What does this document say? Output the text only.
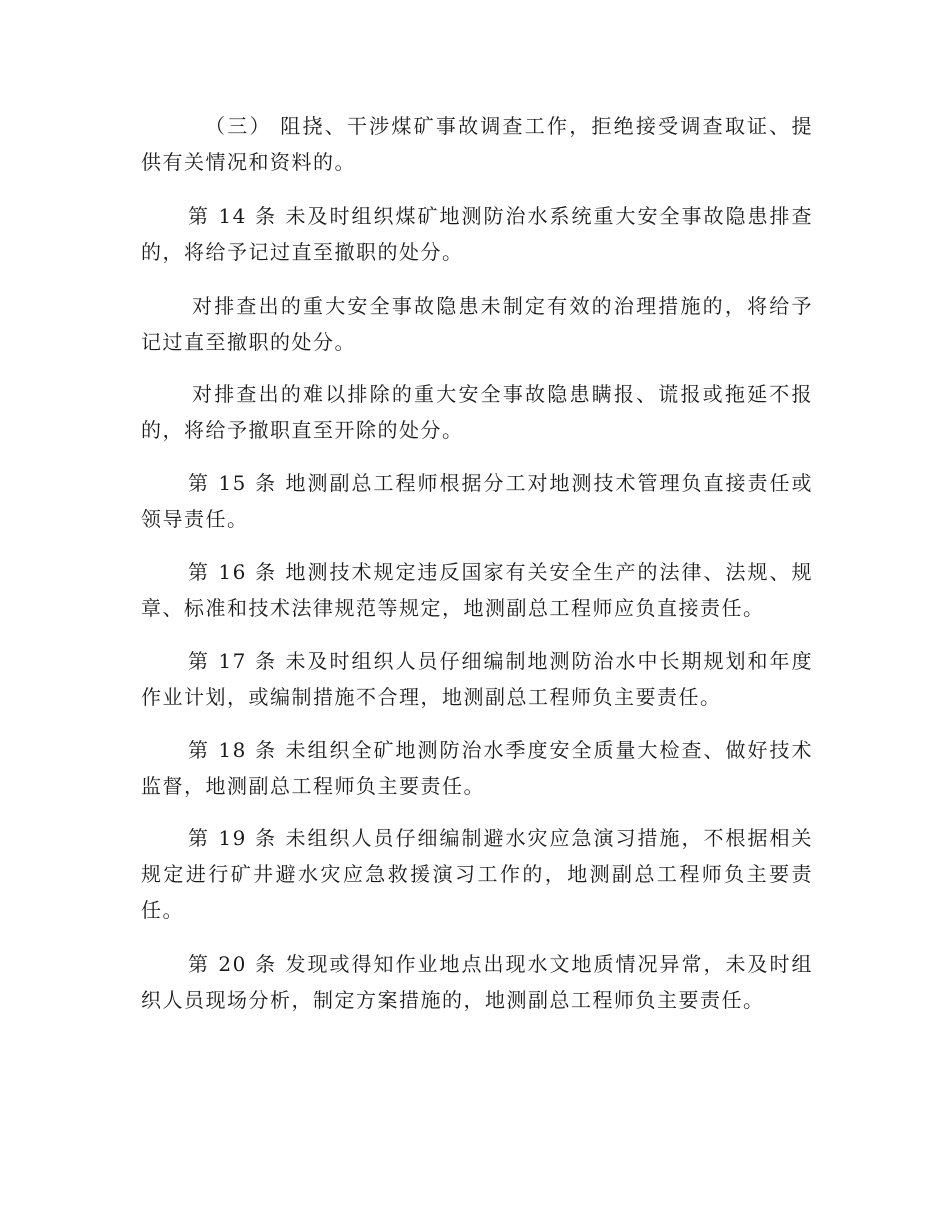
（三） 阻挠、干涉煤矿事故调查工作，拒绝接受调查取证、提供有关情况和资料的。

第 14 条 未及时组织煤矿地测防治水系统重大安全事故隐患排查的，将给予记过直至撤职的处分。

对排查出的重大安全事故隐患未制定有效的治理措施的，将给予记过直至撤职的处分。

对排查出的难以排除的重大安全事故隐患瞒报、谎报或拖延不报的，将给予撤职直至开除的处分。

第 15 条 地测副总工程师根据分工对地测技术管理负直接责任或领导责任。

第 16 条 地测技术规定违反国家有关安全生产的法律、法规、规章、标准和技术法律规范等规定，地测副总工程师应负直接责任。

第 17 条 未及时组织人员仔细编制地测防治水中长期规划和年度作业计划，或编制措施不合理，地测副总工程师负主要责任。

第 18 条 未组织全矿地测防治水季度安全质量大检查、做好技术监督，地测副总工程师负主要责任。

第 19 条 未组织人员仔细编制避水灾应急演习措施，不根据相关规定进行矿井避水灾应急救援演习工作的，地测副总工程师负主要责任。

第 20 条 发现或得知作业地点出现水文地质情况异常，未及时组织人员现场分析，制定方案措施的，地测副总工程师负主要责任。
